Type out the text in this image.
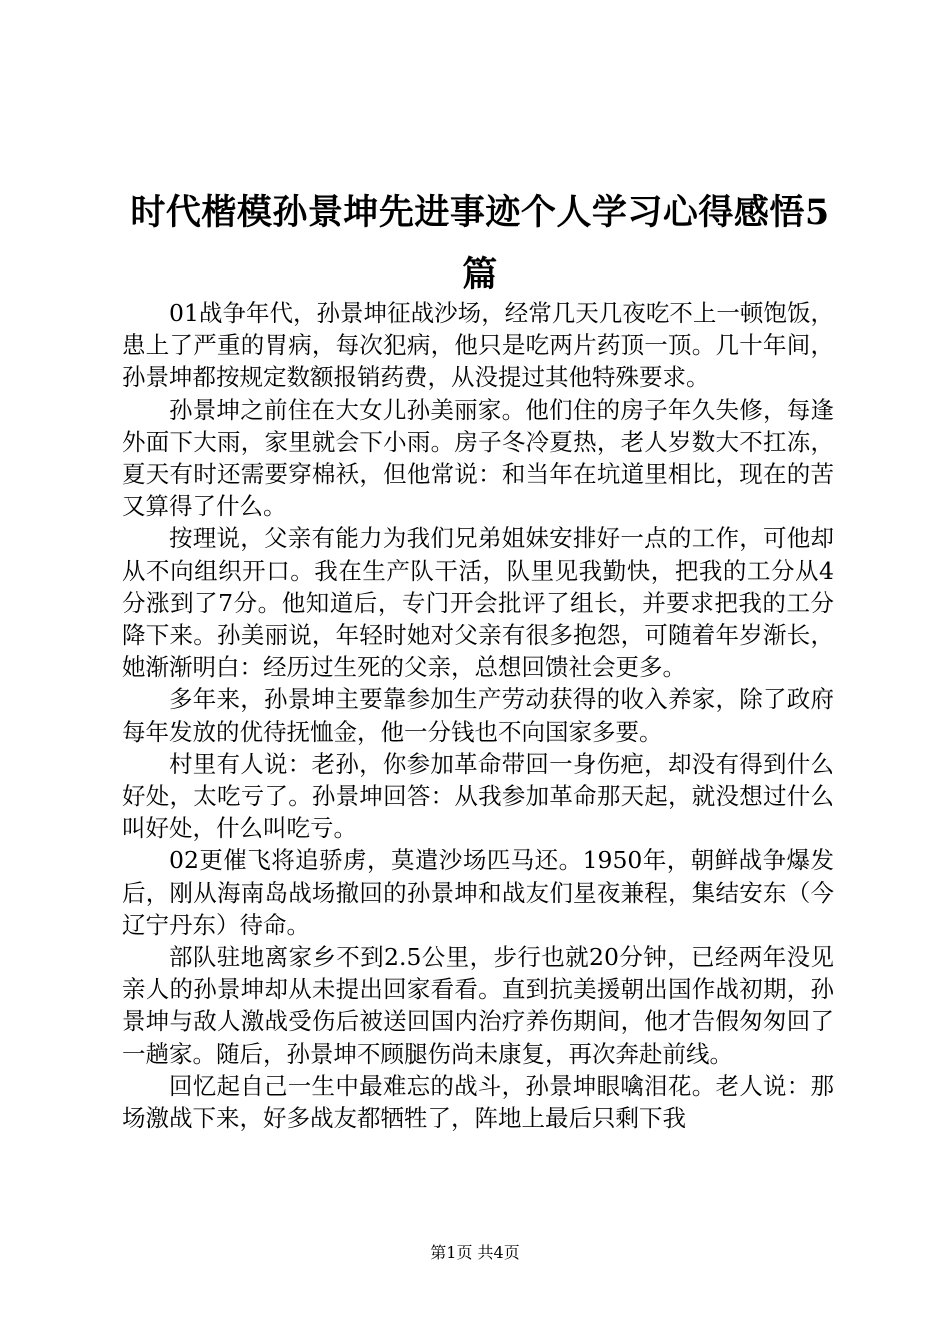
时代楷模孙景坤先进事迹个人学习心得感悟5篇

01战争年代，孙景坤征战沙场，经常几天几夜吃不上一顿饱饭，患上了严重的胃病，每次犯病，他只是吃两片药顶一顶。几十年间，孙景坤都按规定数额报销药费，从没提过其他特殊要求。

孙景坤之前住在大女儿孙美丽家。他们住的房子年久失修，每逢外面下大雨，家里就会下小雨。房子冬冷夏热，老人岁数大不扛冻，夏天有时还需要穿棉袄，但他常说：和当年在坑道里相比，现在的苦又算得了什么。

按理说，父亲有能力为我们兄弟姐妹安排好一点的工作，可他却从不向组织开口。我在生产队干活，队里见我勤快，把我的工分从4分涨到了7分。他知道后，专门开会批评了组长，并要求把我的工分降下来。孙美丽说，年轻时她对父亲有很多抱怨，可随着年岁渐长，她渐渐明白：经历过生死的父亲，总想回馈社会更多。

多年来，孙景坤主要靠参加生产劳动获得的收入养家，除了政府每年发放的优待抚恤金，他一分钱也不向国家多要。

村里有人说：老孙，你参加革命带回一身伤疤，却没有得到什么好处，太吃亏了。孙景坤回答：从我参加革命那天起，就没想过什么叫好处，什么叫吃亏。

02更催飞将追骄虏，莫遣沙场匹马还。1950年，朝鲜战争爆发后，刚从海南岛战场撤回的孙景坤和战友们星夜兼程，集结安东（今辽宁丹东）待命。

部队驻地离家乡不到2.5公里，步行也就20分钟，已经两年没见亲人的孙景坤却从未提出回家看看。直到抗美援朝出国作战初期，孙景坤与敌人激战受伤后被送回国内治疗养伤期间，他才告假匆匆回了一趟家。随后，孙景坤不顾腿伤尚未康复，再次奔赴前线。

回忆起自己一生中最难忘的战斗，孙景坤眼噙泪花。老人说：那场激战下来，好多战友都牺牲了，阵地上最后只剩下我

第1页 共4页
